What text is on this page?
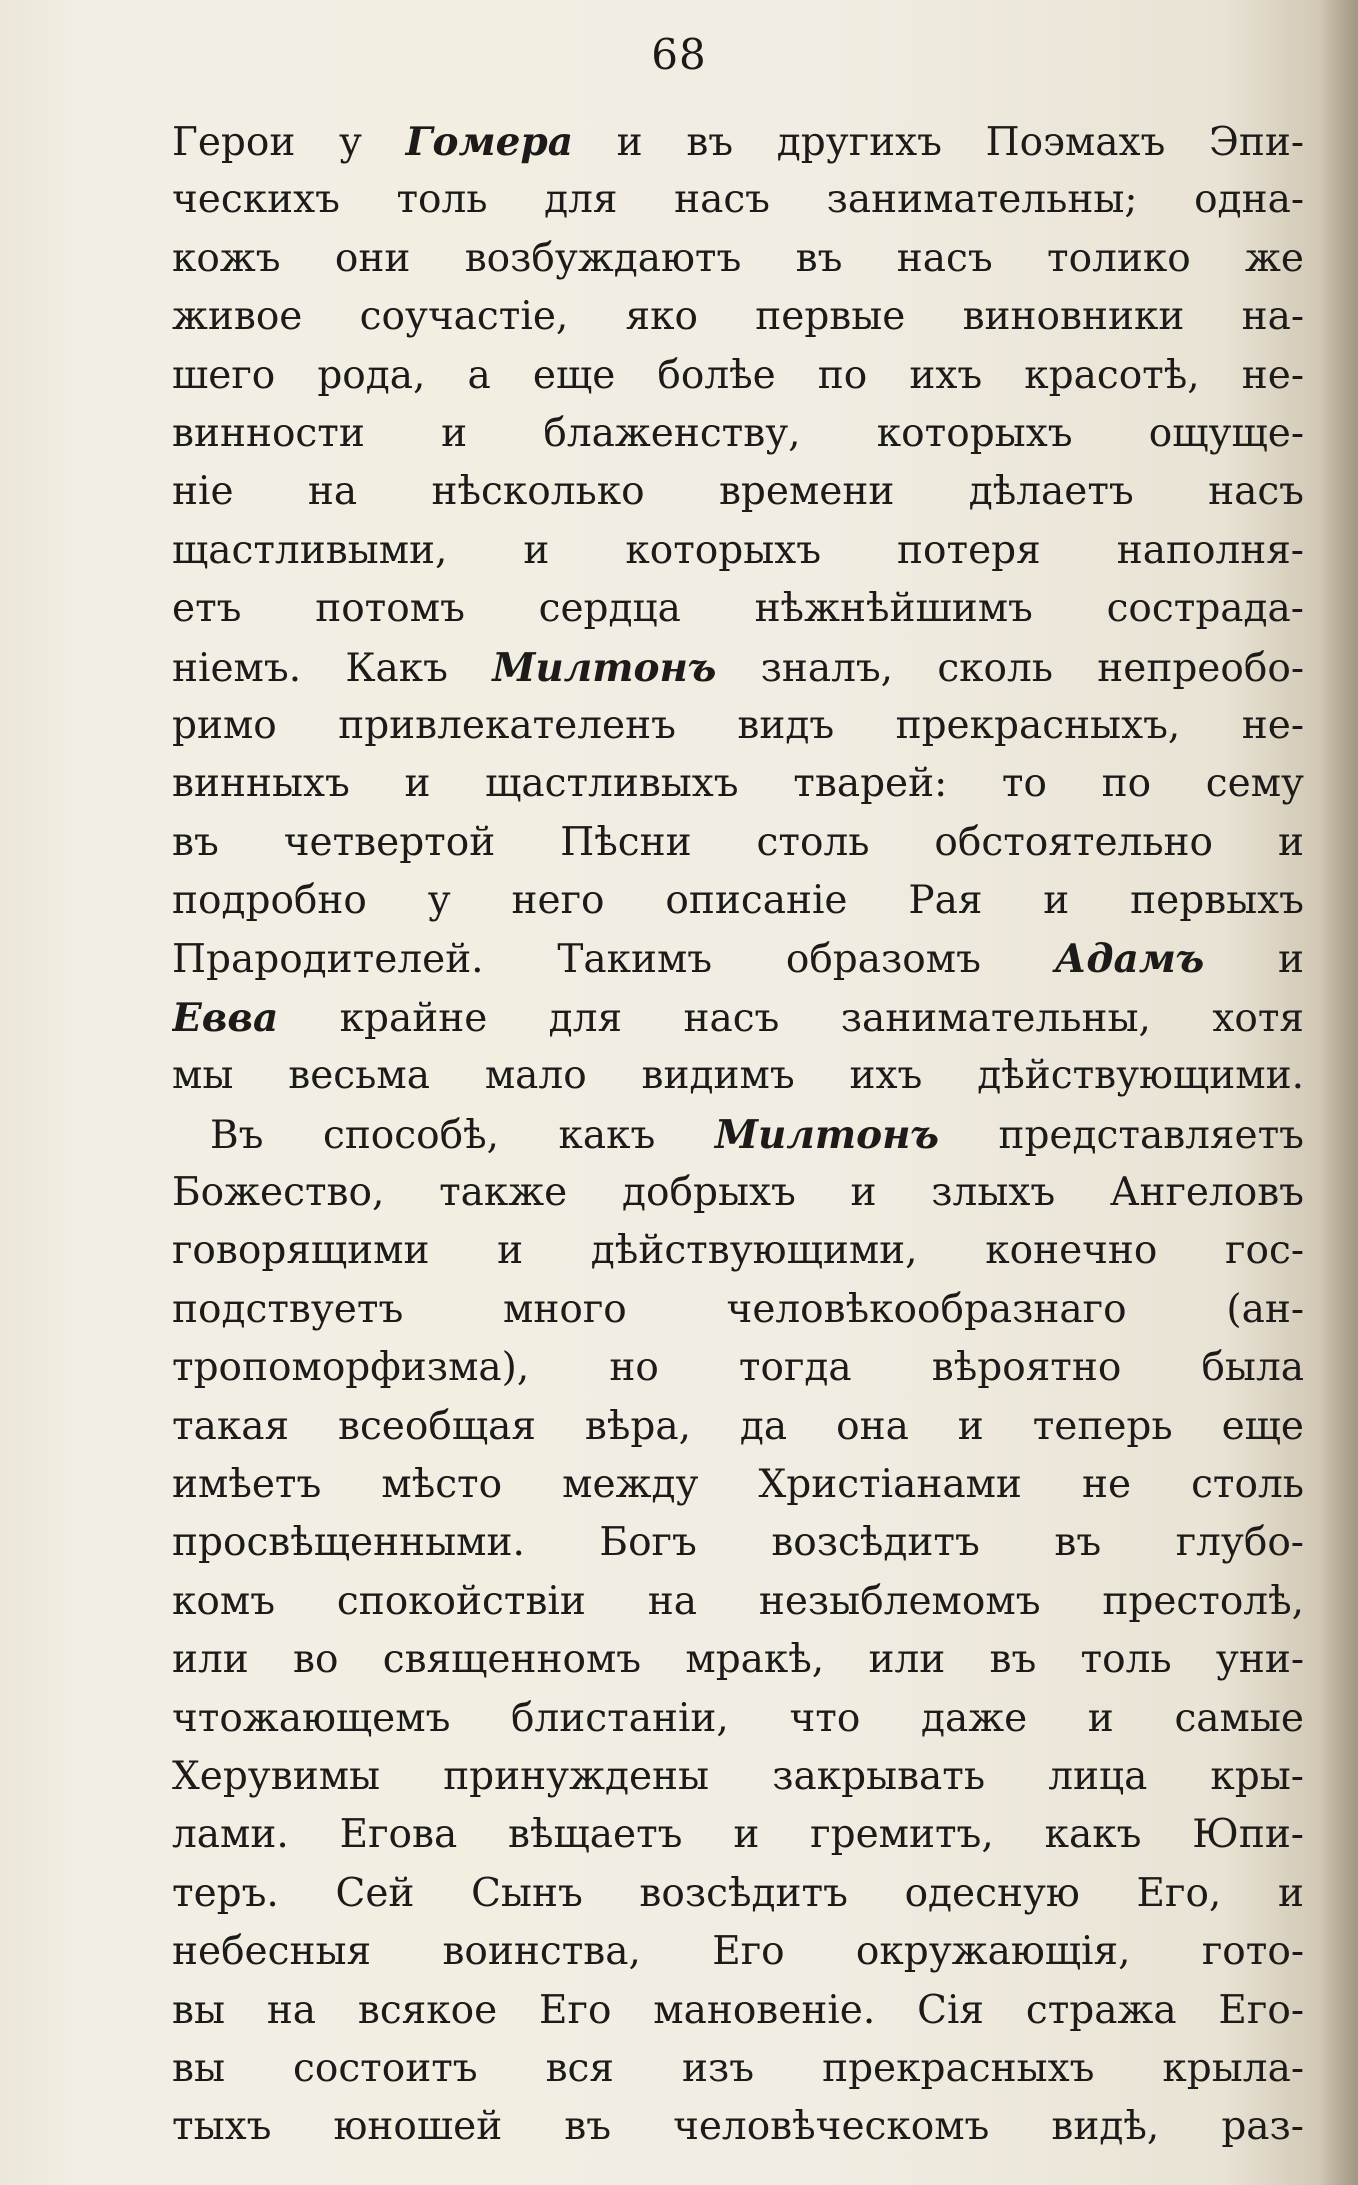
68
Герои у Гомера и въ другихъ Поэмахъ Эпи-
ческихъ толь для насъ занимательны; одна-
кожъ они возбуждаютъ въ насъ толико же
живое соучастіе, яко первые виновники на-
шего рода, а еще болѣе по ихъ красотѣ, не-
винности и блаженству, которыхъ ощуще-
ніе на нѣсколько времени дѣлаетъ насъ
щастливыми, и которыхъ потеря наполня-
етъ потомъ сердца нѣжнѣйшимъ сострада-
ніемъ. Какъ Милтонъ зналъ, сколь непреобо-
римо привлекателенъ видъ прекрасныхъ, не-
винныхъ и щастливыхъ тварей: то по сему
въ четвертой Пѣсни столь обстоятельно и
подробно у него описаніе Рая и первыхъ
Прародителей. Такимъ образомъ Адамъ и
Евва крайне для насъ занимательны, хотя
мы весьма мало видимъ ихъ дѣйствующими.
Въ способѣ, какъ Милтонъ представляетъ
Божество, также добрыхъ и злыхъ Ангеловъ
говорящими и дѣйствующими, конечно гос-
подствуетъ много человѣкообразнаго (ан-
тропоморфизма), но тогда вѣроятно была
такая всеобщая вѣра, да она и теперь еще
имѣетъ мѣсто между Христіанами не столь
просвѣщенными. Богъ возсѣдитъ въ глубо-
комъ спокойствіи на незыблемомъ престолѣ,
или во священномъ мракѣ, или въ толь уни-
чтожающемъ блистаніи, что даже и самые
Херувимы принуждены закрывать лица кры-
лами. Егова вѣщаетъ и гремитъ, какъ Юпи-
теръ. Сей Сынъ возсѣдитъ одесную Его, и
небесныя воинства, Его окружающія, гото-
вы на всякое Его мановеніе. Сія стража Его-
вы состоитъ вся изъ прекрасныхъ крыла-
тыхъ юношей въ человѣческомъ видѣ, раз-
